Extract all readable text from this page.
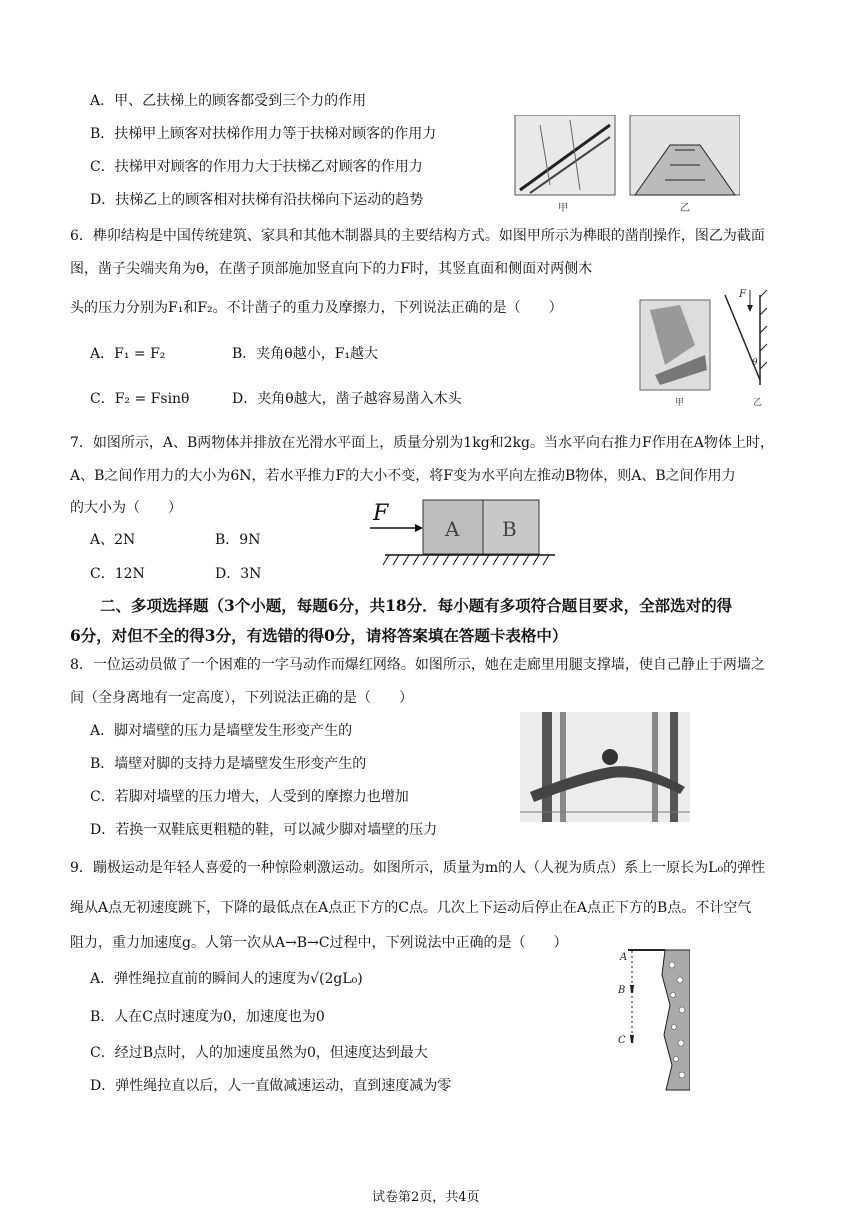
A．甲、乙扶梯上的顾客都受到三个力的作用
B．扶梯甲上顾客对扶梯作用力等于扶梯对顾客的作用力
C．扶梯甲对顾客的作用力大于扶梯乙对顾客的作用力
D．扶梯乙上的顾客相对扶梯有沿扶梯向下运动的趋势
甲	乙
6．榫卯结构是中国传统建筑、家具和其他木制器具的主要结构方式。如图甲所示为榫眼的凿削操作，图乙为截面
图，凿子尖端夹角为θ，在凿子顶部施加竖直向下的力F时，其竖直面和侧面对两侧木
头的压力分别为F₁和F₂。不计凿子的重力及摩擦力，下列说法正确的是（　　）
A．F₁ = F₂	B．夹角θ越小，F₁越大
C．F₂ = Fsinθ	D．夹角θ越大，凿子越容易凿入木头
F
θ
甲	乙
7．如图所示，A、B两物体并排放在光滑水平面上，质量分别为1kg和2kg。当水平向右推力F作用在A物体上时，
A、B之间作用力的大小为6N，若水平推力F的大小不变，将F变为水平向左推动B物体，则A、B之间作用力
的大小为（　　）
A、2N	B．9N
C．12N	D．3N
F
A B
二、多项选择题（3个小题，每题6分，共18分．每小题有多项符合题目要求，全部选对的得
6分，对但不全的得3分，有选错的得0分，请将答案填在答题卡表格中）
8．一位运动员做了一个困难的一字马动作而爆红网络。如图所示，她在走廊里用腿支撑墙，使自己静止于两墙之
间（全身离地有一定高度），下列说法正确的是（　　）
A．脚对墙壁的压力是墙壁发生形变产生的
B．墙壁对脚的支持力是墙壁发生形变产生的
C．若脚对墙壁的压力增大，人受到的摩擦力也增加
D．若换一双鞋底更粗糙的鞋，可以减少脚对墙壁的压力
9．蹦极运动是年轻人喜爱的一种惊险刺激运动。如图所示，质量为m的人（人视为质点）系上一原长为L₀的弹性
绳从A点无初速度跳下，下降的最低点在A点正下方的C点。几次上下运动后停止在A点正下方的B点。不计空气
阻力，重力加速度g。人第一次从A→B→C过程中，下列说法中正确的是（　　）
A．弹性绳拉直前的瞬间人的速度为√(2gL₀)
B．人在C点时速度为0，加速度也为0
C．经过B点时，人的加速度虽然为0，但速度达到最大
D．弹性绳拉直以后，人一直做减速运动，直到速度减为零
A
B
C
试卷第2页，共4页
